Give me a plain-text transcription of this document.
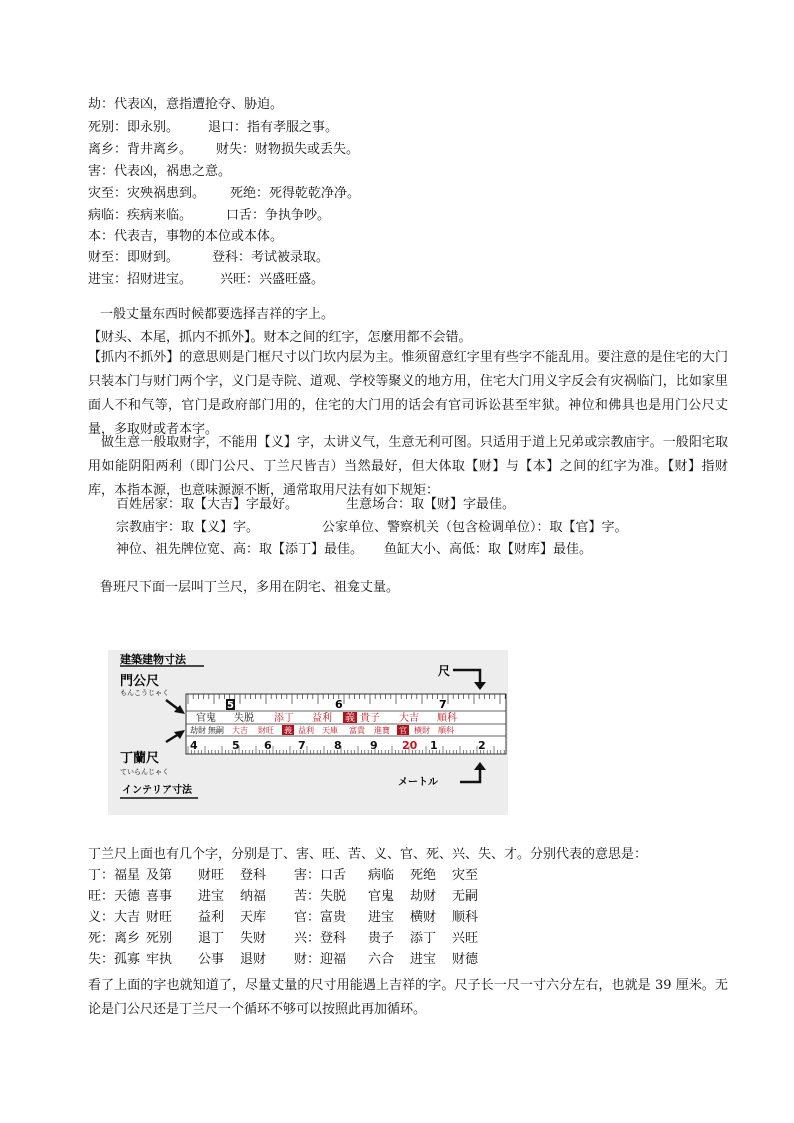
劫：代表凶，意指遭抢夺、胁迫。
死别：即永别。 退口：指有孝服之事。
离乡：背井离乡。 财失：财物损失或丢失。
害：代表凶，祸患之意。
灾至：灾殃祸患到。 死绝：死得乾乾净净。
病临：疾病来临。	口舌：争执争吵。
本：代表吉，事物的本位或本体。
财至：即财到。	登科：考试被录取。
进宝：招财进宝。 兴旺：兴盛旺盛。
一般丈量东西时候都要选择吉祥的字上。
【财头、本尾，抓内不抓外】。财本之间的红字，怎麼用都不会错。

【抓内不抓外】的意思则是门框尺寸以门坎内层为主。惟须留意红字里有些字不能乱用。要注意的是住宅的大门只装本门与财门两个字，义门是寺院、道观、学校等聚义的地方用，住宅大门用义字反会有灾祸临门，比如家里面人不和气等，官门是政府部门用的，住宅的大门用的话会有官司诉讼甚至牢狱。神位和佛具也是用门公尺丈量，多取财或者本字。

做生意一般取财字，不能用【义】字，太讲义气，生意无利可图。只适用于道上兄弟或宗教庙宇。一般阳宅取用如能阴阳两利（即门公尺、丁兰尺皆吉）当然最好，但大体取【财】与【本】之间的红字为准。【财】指财库，本指本源，也意味源源不断，通常取用尺法有如下规矩：

百姓居家：取【大吉】字最好。	生意场合：取【财】字最佳。
宗教庙宇：取【义】字。	公家单位、警察机关（包含检调单位）：取【官】字。
神位、祖先牌位宽、高：取【添丁】最佳。 鱼缸大小、高低：取【财库】最佳。
鲁班尺下面一层叫丁兰尺，多用在阴宅、祖龛丈量。
建築建物寸法
門公尺
もんこうじゃく
尺
5	6	7
官鬼 失脱 添丁 益利 義 貴子 大吉 順科
劫財 無嗣 大吉 財旺 義 益利 天庫 富貴 進寶 官 横財 順科
4	5 6 7	8	9 20 1	2
丁蘭尺
ていらんじゃく
インテリア寸法
メートル
丁兰尺上面也有几个字，分别是丁、害、旺、苦、义、官、死、兴、失、才。分别代表的意思是：
丁：福星 及第 财旺 登科 害：口舌 病临 死绝 灾至
旺：天德 喜事 进宝 纳福 苦：失脱 官鬼 劫财 无嗣
义：大吉 财旺 益利 天库 官：富贵 进宝 横财 顺科
死：离乡 死别 退丁 失财 兴：登科 贵子 添丁 兴旺
失：孤寡 牢执 公事 退财 财：迎福 六合 进宝 财德

看了上面的字也就知道了，尽量丈量的尺寸用能遇上吉祥的字。尺子长一尺一寸六分左右，也就是 39 厘米。无论是门公尺还是丁兰尺一个循环不够可以按照此再加循环。
